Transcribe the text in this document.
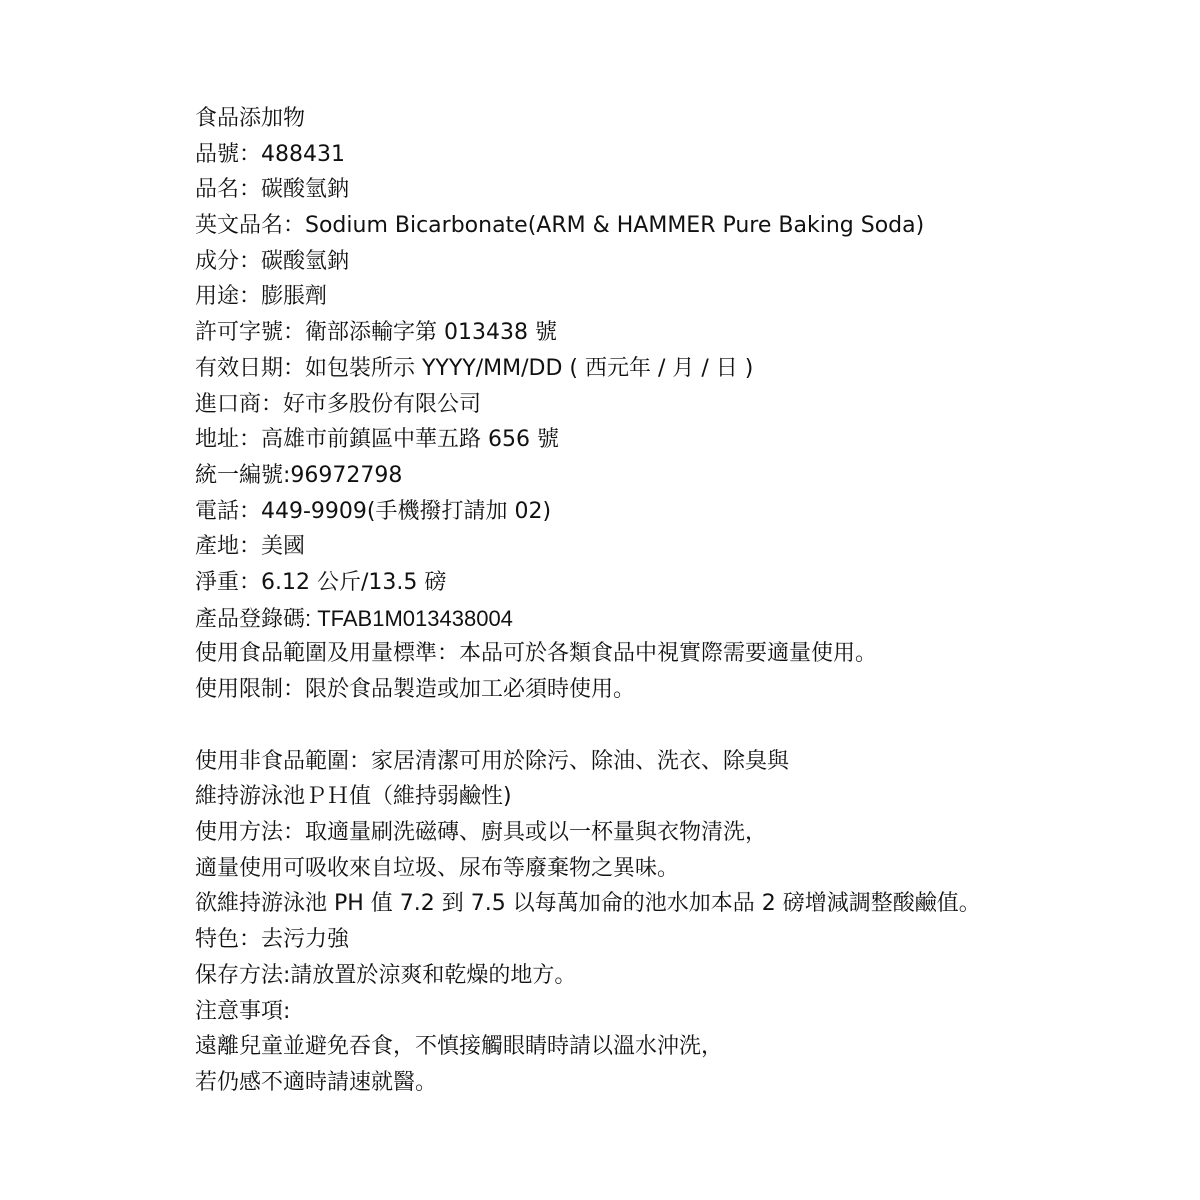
食品添加物
品號：488431
品名：碳酸氫鈉
英文品名：Sodium Bicarbonate(ARM & HAMMER Pure Baking Soda)
成分：碳酸氫鈉
用途：膨脹劑
許可字號：衛部添輸字第 013438 號
有效日期：如包裝所示 YYYY/MM/DD ( 西元年 / 月 / 日 )
進口商：好市多股份有限公司
地址：高雄市前鎮區中華五路 656 號
統一編號:96972798
電話：449-9909(手機撥打請加 02)
產地：美國
淨重：6.12 公斤/13.5 磅
產品登錄碼: TFAB1M013438004
使用食品範圍及用量標準：本品可於各類食品中視實際需要適量使用。
使用限制：限於食品製造或加工必須時使用。
使用非食品範圍：家居清潔可用於除污、除油、洗衣、除臭與
維持游泳池ＰＨ值（維持弱鹼性)
使用方法：取適量刷洗磁磚、廚具或以一杯量與衣物清洗，
適量使用可吸收來自垃圾、尿布等廢棄物之異味。
欲維持游泳池 PH 值 7.2 到 7.5 以每萬加侖的池水加本品 2 磅增減調整酸鹼值。
特色：去污力強
保存方法:請放置於涼爽和乾燥的地方。
注意事項:
遠離兒童並避免吞食，不慎接觸眼睛時請以溫水沖洗，
若仍感不適時請速就醫。
